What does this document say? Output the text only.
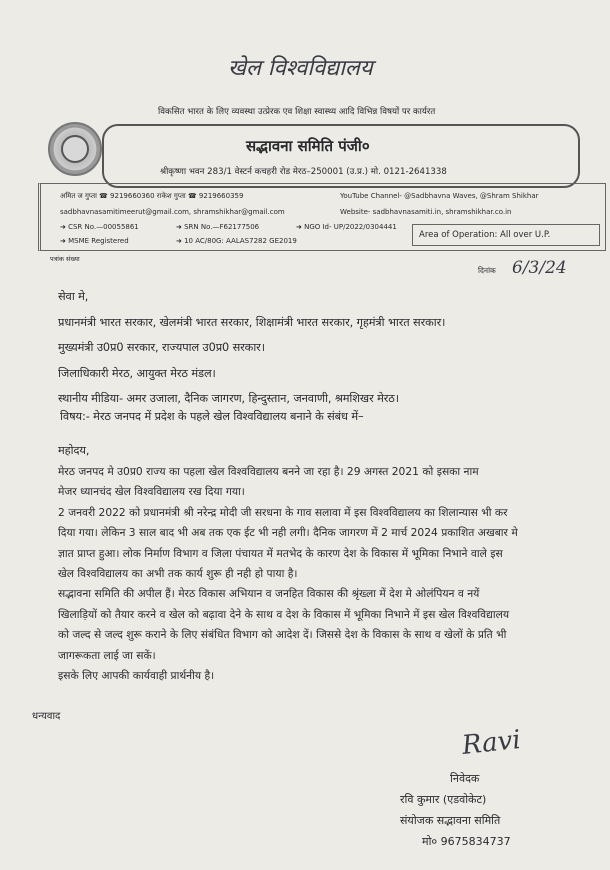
खेल विश्वविद्यालय
विकसित भारत के लिए व्यवस्था उत्प्रेरक एव शिक्षा स्वास्थ्य आदि विभिन्न विषयों पर कार्यरत
सद्भावना समिति पंजी०
श्रीकृष्णा भवन 283/1 वेस्टर्न कचहरी रोड मेरठ–250001 (उ.प्र.) मो. 0121-2641338
अमित ज गुप्ता ☎ 9219660360 राकेश गुप्ता ☎ 9219660359
sadbhavnasamitimeerut@gmail.com, shramshikhar@gmail.com
➜ CSR No.—00055861	➜ SRN No.—F62177506	➜ NGO Id- UP/2022/0304441
➜ MSME Registered	➜ 10 AC/80G: AALAS7282 GE2019
YouTube Channel- @Sadbhavna Waves, @Shram Shikhar
Website- sadbhavnasamiti.in, shramshikhar.co.in
Area of Operation: All over U.P.
पत्रांक संख्या
दिनांक 6/3/24

सेवा मे,

प्रधानमंत्री भारत सरकार, खेलमंत्री भारत सरकार, शिक्षामंत्री भारत सरकार, गृहमंत्री भारत सरकार।

मुख्यमंत्री उ0प्र0 सरकार, राज्यपाल उ0प्र0 सरकार।

जिलाधिकारी मेरठ, आयुक्त मेरठ मंडल।

स्थानीय मीडिया- अमर उजाला, दैनिक जागरण, हिन्दुस्तान, जनवाणी, श्रमशिखर मेरठ।

विषय:- मेरठ जनपद में प्रदेश के पहले खेल विश्वविद्यालय बनाने के संबंध में–
महोदय,

मेरठ जनपद मे उ0प्र0 राज्य का पहला खेल विश्वविद्यालय बनने जा रहा है। 29 अगस्त 2021 को इसका नाम

मेजर ध्यानचंद खेल विश्वविद्यालय रख दिया गया।

2 जनवरी 2022 को प्रधानमंत्री श्री नरेन्द्र मोदी जी सरधना के गाव सलावा में इस विश्वविद्यालय का शिलान्यास भी कर

दिया गया। लेकिन 3 साल बाद भी अब तक एक ईट भी नही लगी। दैनिक जागरण में 2 मार्च 2024 प्रकाशित अखबार मे

ज्ञात प्राप्त हुआ। लोक निर्माण विभाग व जिला पंचायत में मतभेद के कारण देश के विकास में भूमिका निभाने वाले इस

खेल विश्वविद्यालय का अभी तक कार्य शुरू ही नही हो पाया है।

सद्भावना समिति की अपील हैं। मेरठ विकास अभियान व जनहित विकास की श्रृंख्ला में देश मे ओलंपियन व नयें

खिलाड़ियों को तैयार करने व खेल को बढ़ावा देने के साथ व देश के विकास में भूमिका निभाने में इस खेल विश्वविद्यालय

को जल्द से जल्द शुरू कराने के लिए संबंधित विभाग को आदेश दें। जिससे देश के विकास के साथ व खेलों के प्रति भी

जागरूकता लाई जा सकें।

इसके लिए आपकी कार्यवाही प्रार्थनीय है।

धन्यवाद
Ravi

निवेदक

रवि कुमार (एडवोकेट)

संयोजक सद्भावना समिति

मो० 9675834737
